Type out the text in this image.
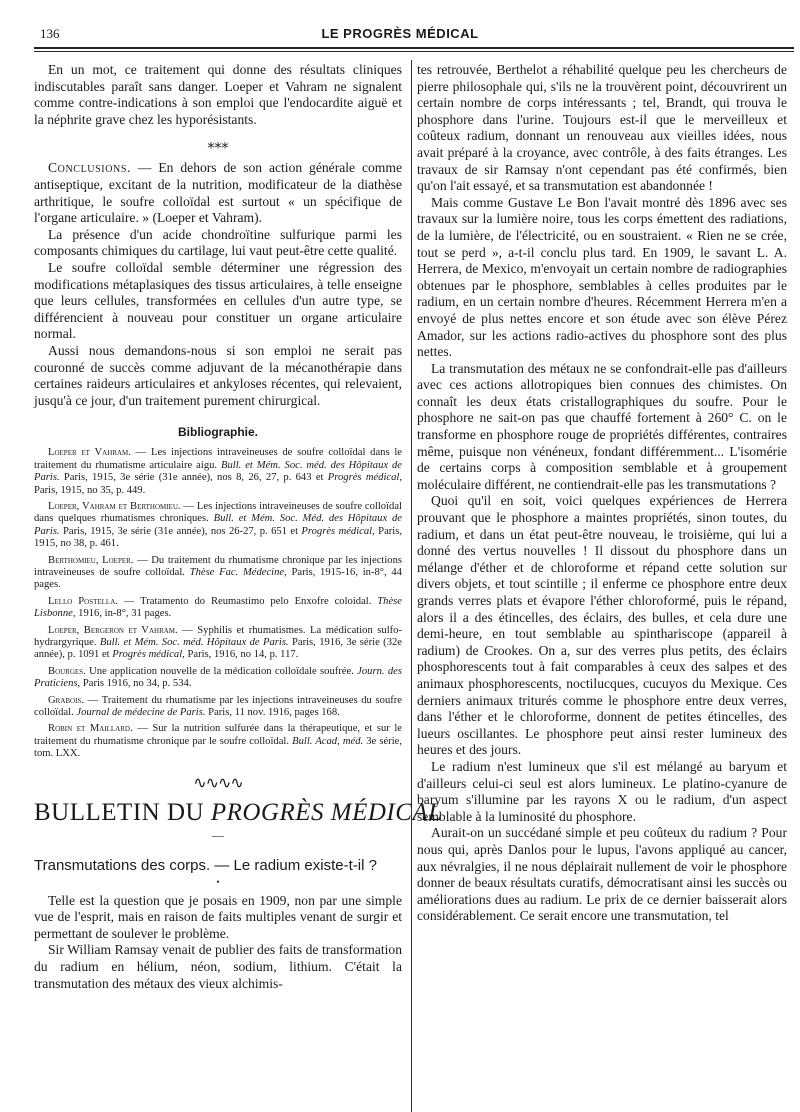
136	LE PROGRÈS MÉDICAL

En un mot, ce traitement qui donne des résultats cliniques indiscutables paraît sans danger. Loeper et Vahram ne signalent comme contre-indications à son emploi que l'endocardite aiguë et la néphrite grave chez les hyporésistants.

⁎⁎⁎

Conclusions. — En dehors de son action générale comme antiseptique, excitant de la nutrition, modificateur de la diathèse arthritique, le soufre colloïdal est surtout « un spécifique de l'organe articulaire. » (Loeper et Vahram).

La présence d'un acide chondroïtine sulfurique parmi les composants chimiques du cartilage, lui vaut peut-être cette qualité.

Le soufre colloïdal semble déterminer une régression des modifications métaplasiques des tissus articulaires, à telle enseigne que leurs cellules, transformées en cellules d'un autre type, se différencient à nouveau pour constituer un organe articulaire normal.

Aussi nous demandons-nous si son emploi ne serait pas couronné de succès comme adjuvant de la mécanothérapie dans certaines raideurs articulaires et ankyloses récentes, qui relevaient, jusqu'à ce jour, d'un traitement purement chirurgical.

Bibliographie.

Loeper et Vahram. — Les injections intraveineuses de soufre colloïdal dans le traitement du rhumatisme articulaire aigu. Bull. et Mém. Soc. méd. des Hôpitaux de Paris. Paris, 1915, 3e série (31e année), nos 8, 26, 27, p. 643 et Progrès médical, Paris, 1915, no 35, p. 449.

Loeper, Vahram et Berthomieu. — Les injections intraveineuses de soufre colloïdal dans quelques rhumatismes chroniques. Bull. et Mém. Soc. Méd. des Hôpitaux de Paris. Paris, 1915, 3e série (31e année), nos 26-27, p. 651 et Progrès médical, Paris, 1915, no 38, p. 461.

Berthomieu, Loeper. — Du traitement du rhumatisme chronique par les injections intraveineuses de soufre colloïdal. Thèse Fac. Médecine, Paris, 1915-16, in-8°, 44 pages.

Lello Postella. — Tratamento do Reumastimo pelo Enxofre coloidal. Thèse Lisbonne, 1916, in-8°, 31 pages.

Loeper, Bergeron et Vahram. — Syphilis et rhumatismes. La médication sulfo-hydrargyrique. Bull. et Mém. Soc. méd. Hôpitaux de Paris. Paris, 1916, 3e série (32e année), p. 1091 et Progrès médical, Paris, 1916, no 14, p. 117.

Bourges. Une application nouvelle de la médication colloïdale soufrée. Journ. des Praticiens, Paris 1916, no 34, p. 534.

Grabois. — Traitement du rhumatisme par les injections intraveineuses du soufre colloïdal. Journal de médecine de Paris. Paris, 11 nov. 1916, pages 168.

Robin et Maillard. — Sur la nutrition sulfurée dans la thérapeutique, et sur le traitement du rhumatisme chronique par le soufre colloïdal. Bull. Acad, méd. 3e série, tom. LXX.

∿∿∿∿
BULLETIN DU PROGRÈS MÉDICAL
—
Transmutations des corps. — Le radium existe-t-il ?
•

Telle est la question que je posais en 1909, non par une simple vue de l'esprit, mais en raison de faits multiples venant de surgir et permettant de soulever le problème.

Sir William Ramsay venait de publier des faits de transformation du radium en hélium, néon, sodium, lithium. C'était la transmutation des métaux des vieux alchimis-

tes retrouvée, Berthelot a réhabilité quelque peu les chercheurs de pierre philosophale qui, s'ils ne la trouvèrent point, découvrirent un certain nombre de corps intéressants ; tel, Brandt, qui trouva le phosphore dans l'urine. Toujours est-il que le merveilleux et coûteux radium, donnant un renouveau aux vieilles idées, nous avait préparé à la croyance, avec contrôle, à des faits étranges. Les travaux de sir Ramsay n'ont cependant pas été confirmés, bien qu'on l'ait essayé, et sa transmutation est abandonnée !

Mais comme Gustave Le Bon l'avait montré dès 1896 avec ses travaux sur la lumière noire, tous les corps émettent des radiations, de la lumière, de l'électricité, ou en soustraient. « Rien ne se crée, tout se perd », a-t-il conclu plus tard. En 1909, le savant L. A. Herrera, de Mexico, m'envoyait un certain nombre de radiographies obtenues par le phosphore, semblables à celles produites par le radium, en un certain nombre d'heures. Récemment Herrera m'en a envoyé de plus nettes encore et son étude avec son élève Pérez Amador, sur les actions radio-actives du phosphore sont des plus nettes.

La transmutation des métaux ne se confondrait-elle pas d'ailleurs avec ces actions allotropiques bien connues des chimistes. On connaît les deux états cristallographiques du soufre. Pour le phosphore ne sait-on pas que chauffé fortement à 260° C. on le transforme en phosphore rouge de propriétés différentes, contraires même, puisque non vénéneux, fondant différemment... L'isomérie de certains corps à composition semblable et à groupement moléculaire différent, ne contiendrait-elle pas les transmutations ?

Quoi qu'il en soit, voici quelques expériences de Herrera prouvant que le phosphore a maintes propriétés, sinon toutes, du radium, et dans un état peut-être nouveau, le troisième, qui lui a donné des vertus nouvelles ! Il dissout du phosphore dans un mélange d'éther et de chloroforme et répand cette solution sur divers objets, et tout scintille ; il enferme ce phosphore entre deux grands verres plats et évapore l'éther chloroformé, puis le répand, alors il a des étincelles, des éclairs, des bulles, et cela dure une demi-heure, en tout semblable au spinthariscope (appareil à radium) de Crookes. On a, sur des verres plus petits, des éclairs phosphorescents tout à fait comparables à ceux des salpes et des animaux phosphorescents, noctilucques, cucuyos du Mexique. Ces derniers animaux triturés comme le phosphore entre deux verres, dans l'éther et le chloroforme, donnent de petites étincelles, des lueurs oscillantes. Le phosphore peut ainsi rester lumineux des heures et des jours.

Le radium n'est lumineux que s'il est mélangé au baryum et d'ailleurs celui-ci seul est alors lumineux. Le platino-cyanure de baryum s'illumine par les rayons X ou le radium, d'un aspect semblable à la luminosité du phosphore.

Aurait-on un succédané simple et peu coûteux du radium ? Pour nous qui, après Danlos pour le lupus, l'avons appliqué au cancer, aux névralgies, il ne nous déplairait nullement de voir le phosphore donner de beaux résultats curatifs, démocratisant ainsi les succès ou améliorations dues au radium. Le prix de ce dernier baisserait alors considérablement. Ce serait encore une transmutation, tel
